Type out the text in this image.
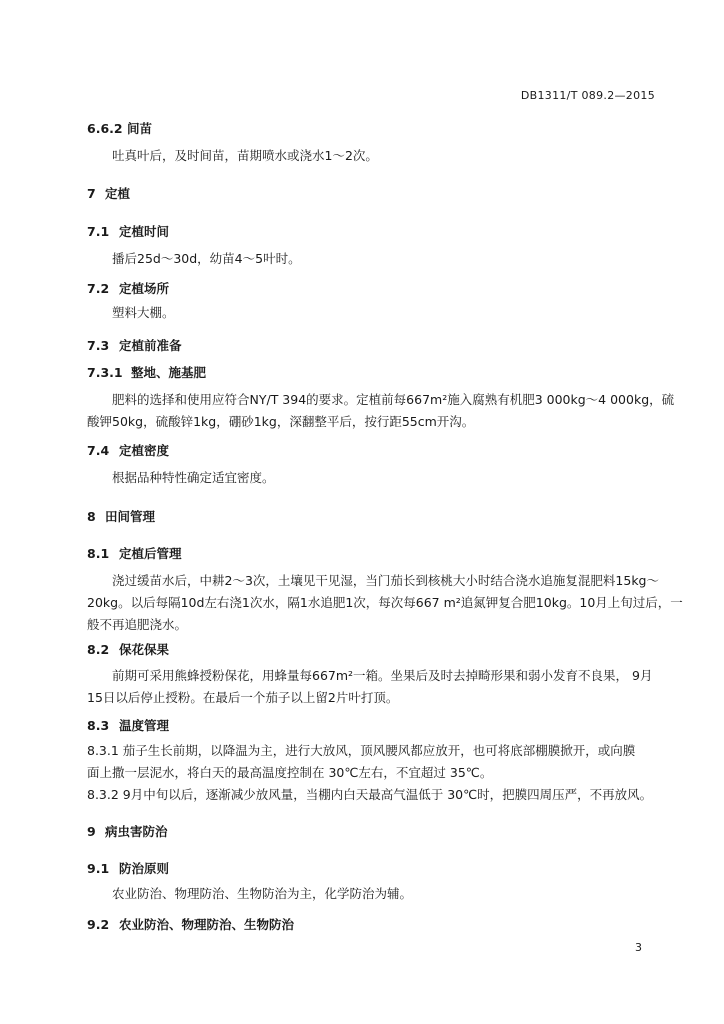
DB1311/T 089.2—2015
6.6.2 间苗
吐真叶后，及时间苗，苗期喷水或浇水1～2次。
7 定植
7.1 定植时间
播后25d～30d，幼苗4～5叶时。
7.2 定植场所
塑料大棚。
7.3 定植前准备
7.3.1 整地、施基肥
肥料的选择和使用应符合NY/T 394的要求。定植前每667m²施入腐熟有机肥3 000kg～4 000kg，硫
酸钾50kg，硫酸锌1kg，硼砂1kg，深翻整平后，按行距55cm开沟。
7.4 定植密度
根据品种特性确定适宜密度。
8 田间管理
8.1 定植后管理
浇过缓苗水后，中耕2～3次，土壤见干见湿，当门茄长到核桃大小时结合浇水追施复混肥料15kg～
20kg。以后每隔10d左右浇1次水，隔1水追肥1次，每次每667 m²追氮钾复合肥10kg。10月上旬过后，一
般不再追肥浇水。
8.2 保花保果
前期可采用熊蜂授粉保花，用蜂量每667m²一箱。坐果后及时去掉畸形果和弱小发育不良果， 9月
15日以后停止授粉。在最后一个茄子以上留2片叶打顶。
8.3 温度管理
8.3.1 茄子生长前期，以降温为主，进行大放风，顶风腰风都应放开，也可将底部棚膜掀开，或向膜
面上撒一层泥水，将白天的最高温度控制在 30℃左右，不宜超过 35℃。
8.3.2 9月中旬以后，逐渐减少放风量，当棚内白天最高气温低于 30℃时，把膜四周压严，不再放风。
9 病虫害防治
9.1 防治原则
农业防治、物理防治、生物防治为主，化学防治为辅。
9.2 农业防治、物理防治、生物防治
3
